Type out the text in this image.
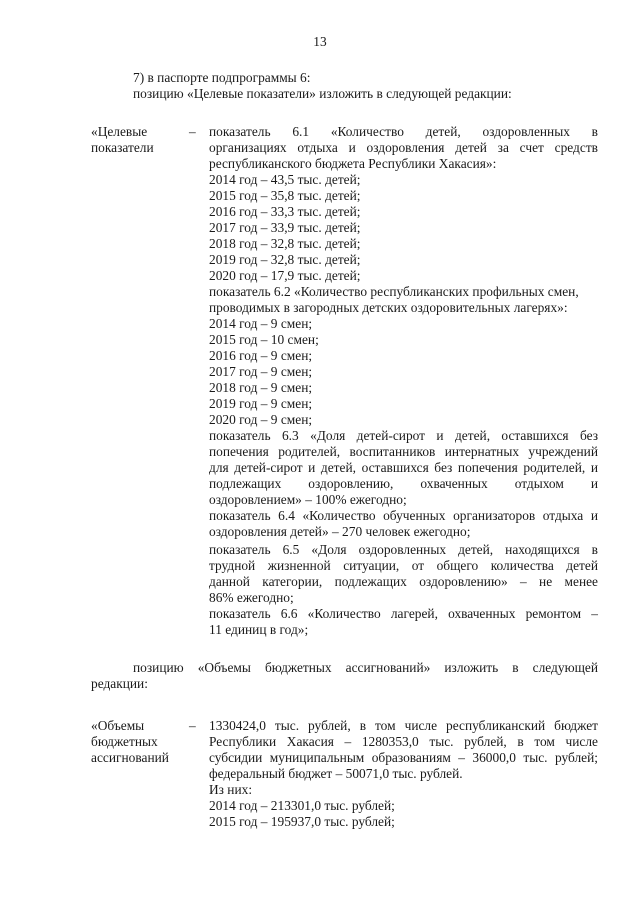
13
7) в паспорте подпрограммы 6:
позицию «Целевые показатели» изложить в следующей редакции:
«Целевые
показатели
– показатель 6.1 «Количество детей, оздоровленных в
организациях отдыха и оздоровления детей за счет средств
республиканского бюджета Республики Хакасия»:
2014 год – 43,5 тыс. детей;
2015 год – 35,8 тыс. детей;
2016 год – 33,3 тыс. детей;
2017 год – 33,9 тыс. детей;
2018 год – 32,8 тыс. детей;
2019 год – 32,8 тыс. детей;
2020 год – 17,9 тыс. детей;
показатель 6.2 «Количество республиканских профильных смен,
проводимых в загородных детских оздоровительных лагерях»:
2014 год – 9 смен;
2015 год – 10 смен;
2016 год – 9 смен;
2017 год – 9 смен;
2018 год – 9 смен;
2019 год – 9 смен;
2020 год – 9 смен;
показатель 6.3 «Доля детей-сирот и детей, оставшихся без
попечения родителей, воспитанников интернатных учреждений
для детей-сирот и детей, оставшихся без попечения родителей, и
подлежащих оздоровлению, охваченных отдыхом и
оздоровлением» – 100% ежегодно;
показатель 6.4 «Количество обученных организаторов отдыха и
оздоровления детей» – 270 человек ежегодно;
показатель 6.5 «Доля оздоровленных детей, находящихся в
трудной жизненной ситуации, от общего количества детей
данной категории, подлежащих оздоровлению» – не менее
86% ежегодно;
показатель 6.6 «Количество лагерей, охваченных ремонтом –
11 единиц в год»;
позицию «Объемы бюджетных ассигнований» изложить в следующей
редакции:
«Объемы
бюджетных
ассигнований
– 1330424,0 тыс. рублей, в том числе республиканский бюджет
Республики Хакасия – 1280353,0 тыс. рублей, в том числе
субсидии муниципальным образованиям – 36000,0 тыс. рублей;
федеральный бюджет – 50071,0 тыс. рублей.
Из них:
2014 год – 213301,0 тыс. рублей;
2015 год – 195937,0 тыс. рублей;
